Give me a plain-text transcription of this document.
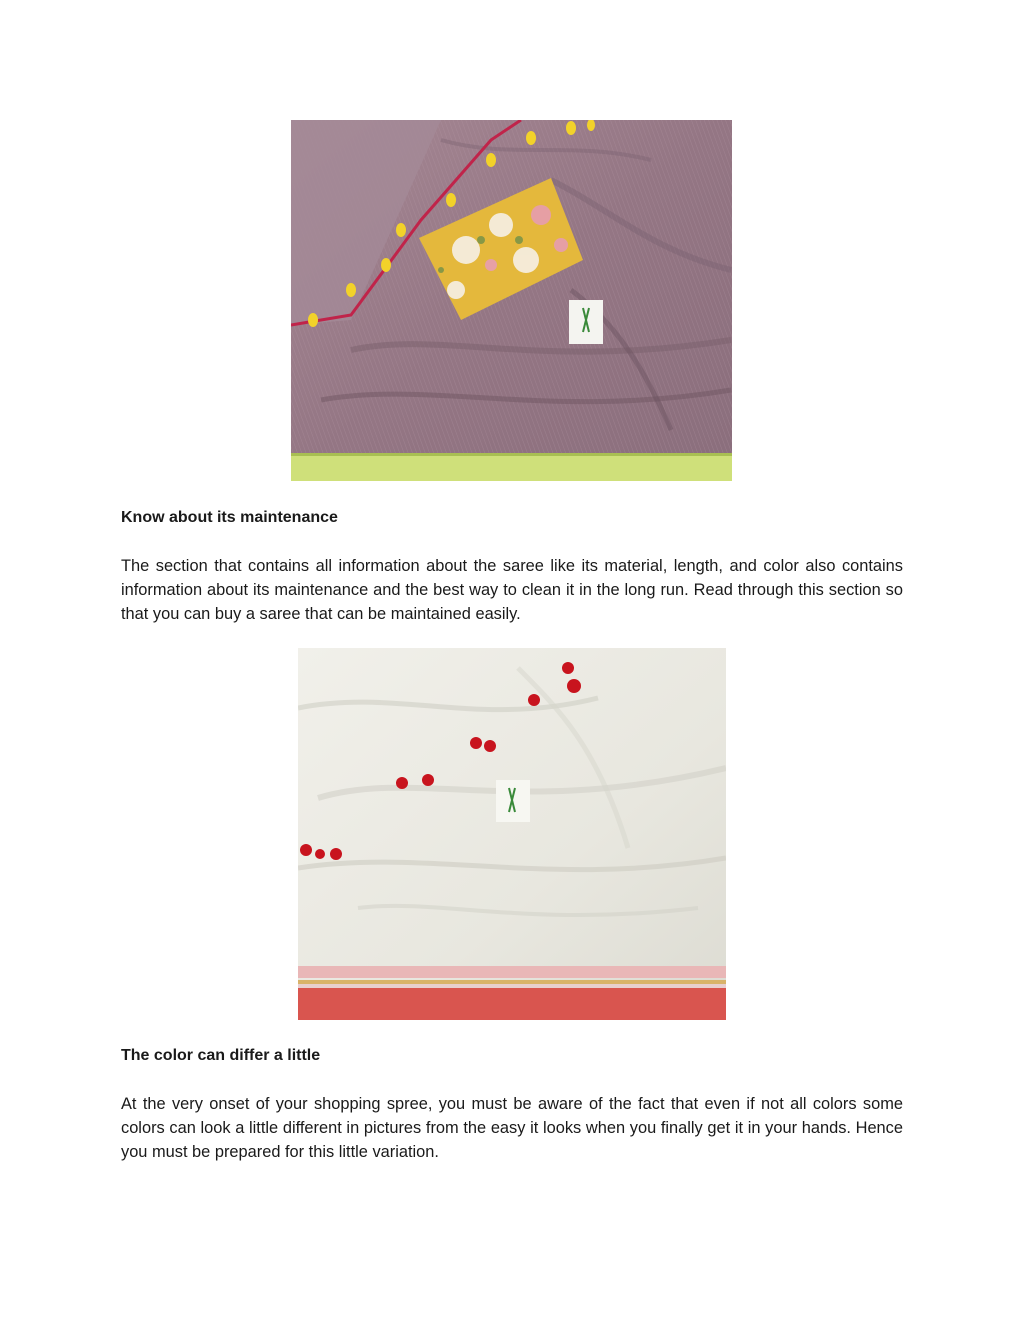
Know about its maintenance
The section that contains all information about the saree like its material, length, and color also contains information about its maintenance and the best way to clean it in the long run. Read through this section so that you can buy a saree that can be maintained easily.
The color can differ a little
At the very onset of your shopping spree, you must be aware of the fact that even if not all colors some colors can look a little different in pictures from the easy it looks when you finally get it in your hands. Hence you must be prepared for this little variation.
